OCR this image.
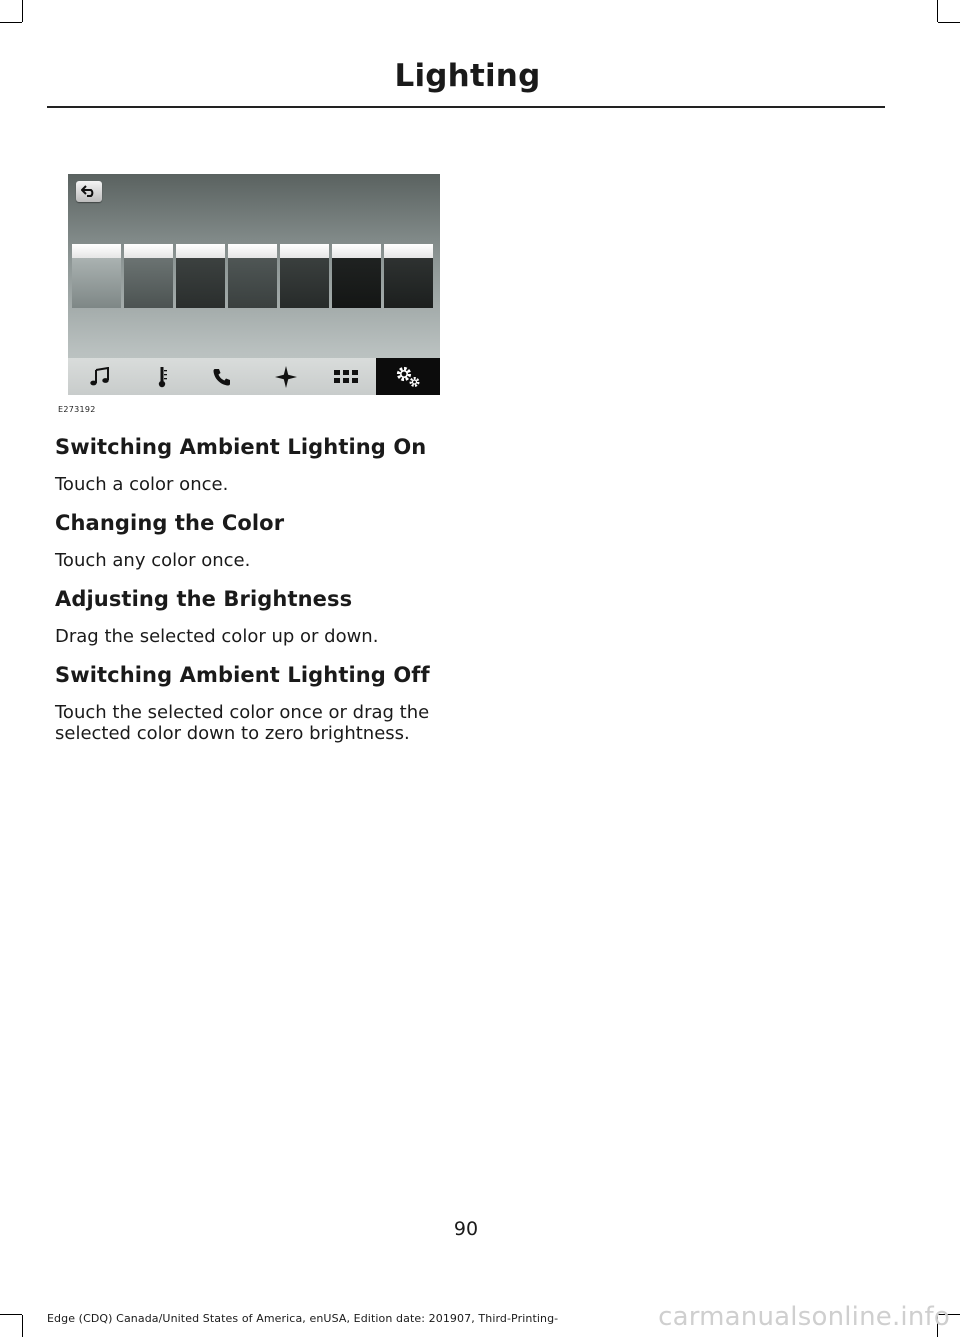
Lighting
E273192
Switching Ambient Lighting On

Touch a color once.

Changing the Color

Touch any color once.

Adjusting the Brightness

Drag the selected color up or down.

Switching Ambient Lighting Off

Touch the selected color once or drag the selected color down to zero brightness.

90
Edge (CDQ) Canada/United States of America, enUSA, Edition date: 201907, Third-Printing-	carmanualsonline.info
